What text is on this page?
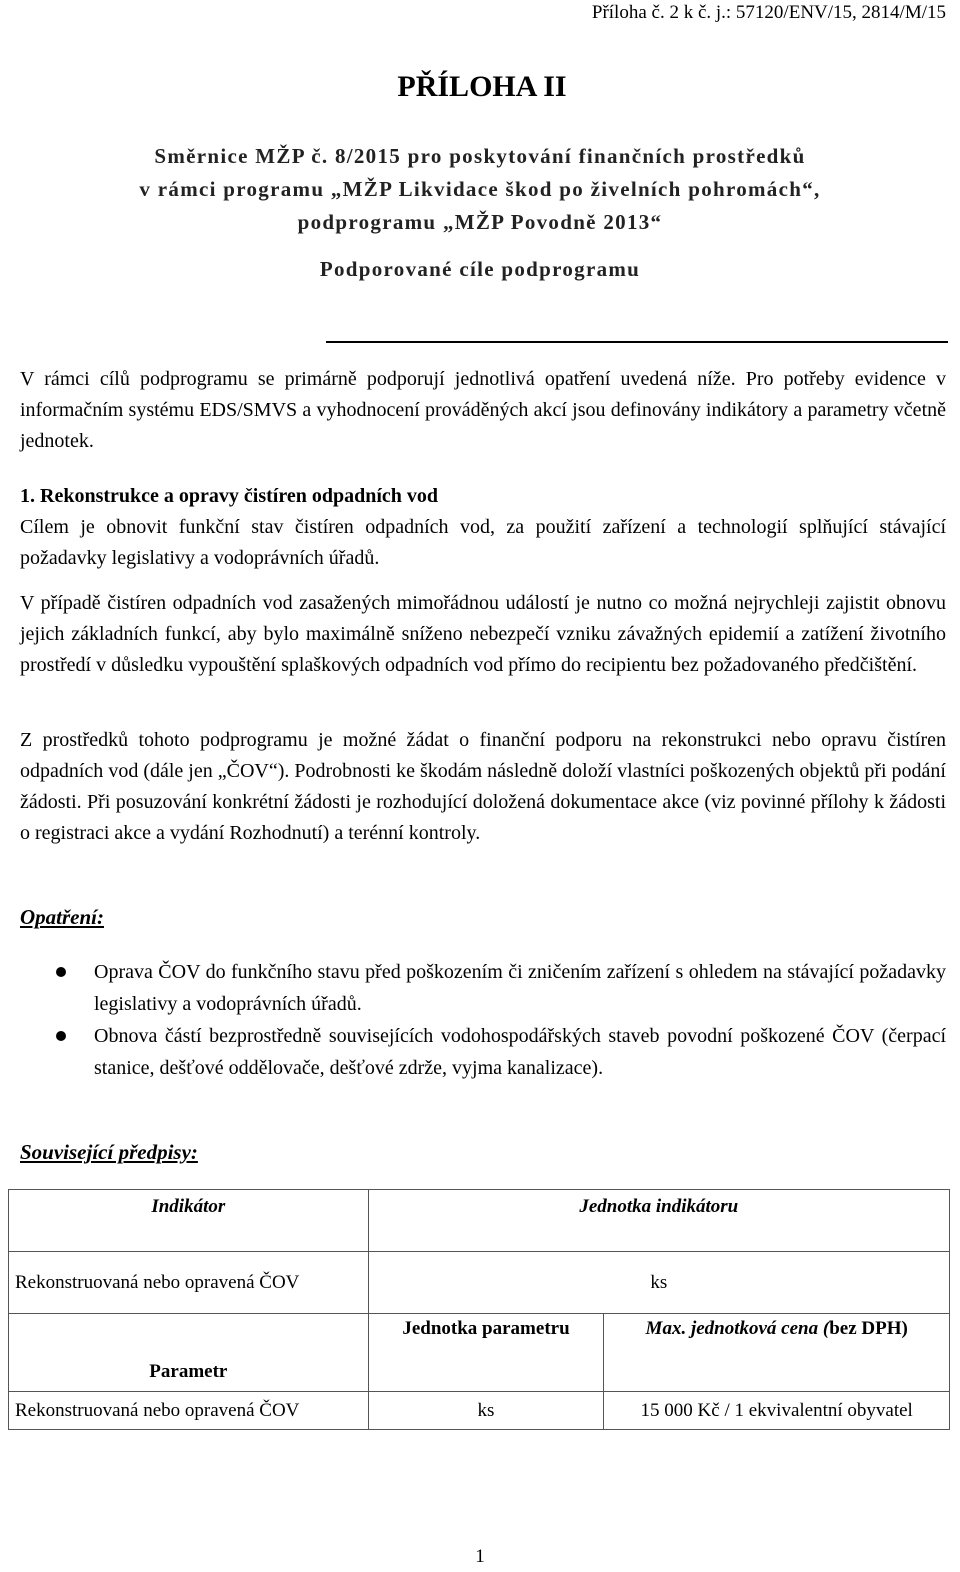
Příloha č. 2 k č. j.: 57120/ENV/15, 2814/M/15
PŘÍLOHA II
Směrnice MŽP č. 8/2015 pro poskytování finančních prostředků
v rámci programu „MŽP Likvidace škod po živelních pohromách“,
podprogramu „MŽP Povodně 2013“
Podporované cíle podprogramu
V rámci cílů podprogramu se primárně podporují jednotlivá opatření uvedená níže. Pro potřeby evidence v informačním systému EDS/SMVS a vyhodnocení prováděných akcí jsou definovány indikátory a parametry včetně jednotek.
1. Rekonstrukce a opravy čistíren odpadních vod
Cílem je obnovit funkční stav čistíren odpadních vod, za použití zařízení a technologií splňující stávající požadavky legislativy a vodoprávních úřadů.
V případě čistíren odpadních vod zasažených mimořádnou událostí je nutno co možná nejrychleji zajistit obnovu jejich základních funkcí, aby bylo maximálně sníženo nebezpečí vzniku závažných epidemií a zatížení životního prostředí v důsledku vypouštění splaškových odpadních vod přímo do recipientu bez požadovaného předčištění.
Z prostředků tohoto podprogramu je možné žádat o finanční podporu na rekonstrukci nebo opravu čistíren odpadních vod (dále jen „ČOV“). Podrobnosti ke škodám následně doloží vlastníci poškozených objektů při podání žádosti. Při posuzování konkrétní žádosti je rozhodující doložená dokumentace akce (viz povinné přílohy k žádosti o registraci akce a vydání Rozhodnutí) a terénní kontroly.
Opatření:
Oprava ČOV do funkčního stavu před poškozením či zničením zařízení s ohledem na stávající požadavky legislativy a vodoprávních úřadů.
Obnova částí bezprostředně souvisejících vodohospodářských staveb povodní poškozené ČOV (čerpací stanice, dešťové oddělovače, dešťové zdrže, vyjma kanalizace).
Související předpisy:
Indikátor	Jednotka indikátoru	
Rekonstruovaná nebo opravená ČOV	ks	
Parametr	Jednotka parametru	Max. jednotková cena (bez DPH)
Rekonstruovaná nebo opravená ČOV	ks	15 000 Kč / 1 ekvivalentní obyvatel
1
